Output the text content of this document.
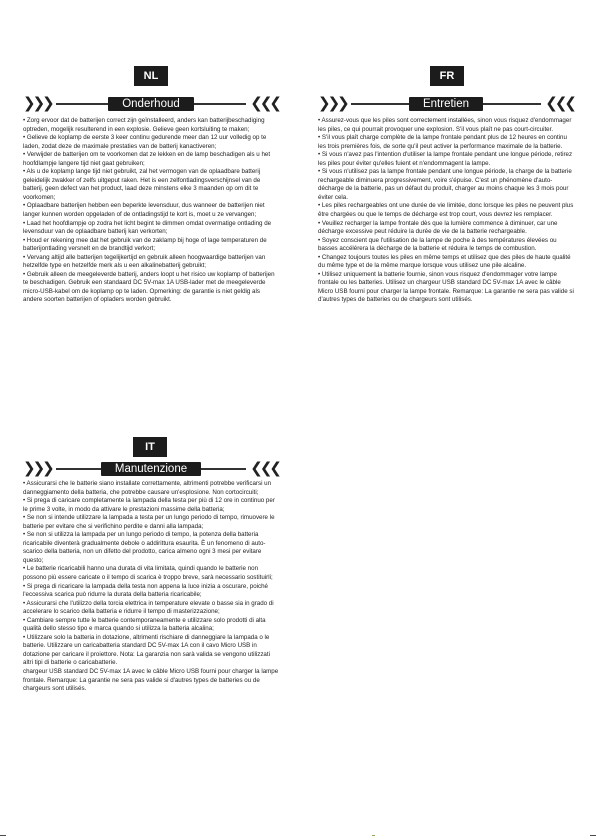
NL
❯❯❯	Onderhoud	❮❮❮

• Zorg ervoor dat de batterijen correct zijn geïnstalleerd, anders kan batterijbeschadiging optreden, mogelijk resulterend in een explosie. Gelieve geen kortsluiting te maken;

• Gelieve de koplamp de eerste 3 keer continu gedurende meer dan 12 uur volledig op te laden, zodat deze de maximale prestaties van de batterij kanactiveren;

• Verwijder de batterijen om te voorkomen dat ze lekken en de lamp beschadigen als u het hoofdlampje langere tijd niet gaat gebruiken;

• Als u de koplamp lange tijd niet gebruikt, zal het vermogen van de oplaadbare batterij geleidelijk zwakker of zelfs uitgeput raken. Het is een zelfontladingsverschijnsel van de batterij, geen defect van het product, laad deze minstens elke 3 maanden op om dit te voorkomen;

• Oplaadbare batterijen hebben een beperkte levensduur, dus wanneer de batterijen niet langer kunnen worden opgeladen of de ontladingstijd te kort is, moet u ze vervangen;

• Laad het hoofdlampje op zodra het licht begint te dimmen omdat overmatige ontlading de levensduur van de oplaadbare batterij kan verkorten;

• Houd er rekening mee dat het gebruik van de zaklamp bij hoge of lage temperaturen de batterijontlading versnelt en de brandtijd verkort;

• Vervang altijd alle batterijen tegelijkertijd en gebruik alleen hoogwaardige batterijen van hetzelfde type en hetzelfde merk als u een alkalinebatterij gebruikt;

• Gebruik alleen de meegeleverde batterij, anders loopt u het risico uw koplamp of batterijen te beschadigen. Gebruik een standaard DC 5V-max 1A USB-lader met de meegeleverde micro-USB-kabel om de koplamp op te laden. Opmerking: de garantie is niet geldig als andere soorten batterijen of opladers worden gebruikt.

FR
❯❯❯	Entretien	❮❮❮

• Assurez-vous que les piles sont correctement installées, sinon vous risquez d'endommager les piles, ce qui pourrait provoquer une explosion. S'il vous plaît ne pas court-circuiter.

• S'il vous plaît charge complète de la lampe frontale pendant plus de 12 heures en continu les trois premières fois, de sorte qu'il peut activer la performance maximale de la batterie.

• Si vous n'avez pas l'intention d'utiliser la lampe frontale pendant une longue période, retirez les piles pour éviter qu'elles fuient et n'endommagent la lampe.

• Si vous n'utilisez pas la lampe frontale pendant une longue période, la charge de la batterie rechargeable diminuera progressivement, voire s'épuise. C'est un phénomène d'auto-décharge de la batterie, pas un défaut du produit, charger au moins chaque les 3 mois pour éviter cela.

• Les piles rechargeables ont une durée de vie limitée, donc lorsque les piles ne peuvent plus être chargées ou que le temps de décharge est trop court, vous devrez les remplacer.

• Veuillez recharger la lampe frontale dès que la lumière commence à diminuer, car une décharge excessive peut réduire la durée de vie de la batterie rechargeable.

• Soyez conscient que l'utilisation de la lampe de poche à des températures élevées ou basses accélérera la décharge de la batterie et réduira le temps de combustion.

• Changez toujours toutes les piles en même temps et utilisez que des piles de haute qualité du même type et de la même marque lorsque vous utilisez une pile alcaline.

• Utilisez uniquement la batterie fournie, sinon vous risquez d'endommager votre lampe frontale ou les batteries. Utilisez un chargeur USB standard DC 5V-max 1A avec le câble Micro USB fourni pour charger la lampe frontale. Remarque: La garantie ne sera pas valide si d'autres types de batteries ou de chargeurs sont utilisés.

IT
❯❯❯	Manutenzione	❮❮❮

• Assicurarsi che le batterie siano installate correttamente, altrimenti potrebbe verificarsi un danneggiamento della batteria, che potrebbe causare un'esplosione. Non cortocircuiti;

• Si prega di caricare completamente la lampada della testa per più di 12 ore in continuo per le prime 3 volte, in modo da attivare le prestazioni massime della batteria;

• Se non si intende utilizzare la lampada a testa per un lungo periodo di tempo, rimuovere le batterie per evitare che si verifichino perdite e danni alla lampada;

• Se non si utilizza la lampada per un lungo periodo di tempo, la potenza della batteria ricaricabile diventerà gradualmente debole o addirittura esaurita. È un fenomeno di auto-scarico della batteria, non un difetto del prodotto, carica almeno ogni 3 mesi per evitare questo;

• Le batterie ricaricabili hanno una durata di vita limitata, quindi quando le batterie non possono più essere caricate o il tempo di scarica è troppo breve, sarà necessario sostituirli;

• Si prega di ricaricare la lampada della testa non appena la luce inizia a oscurare, poiché l'eccessiva scarica può ridurre la durata della batteria ricaricabile;

• Assicurarsi che l'utilizzo della torcia elettrica in temperature elevate o basse sia in grado di accelerare lo scarico della batteria e ridurre il tempo di masterizzazione;

• Cambiare sempre tutte le batterie contemporaneamente e utilizzare solo prodotti di alta qualità dello stesso tipo e marca quando si utilizza la batteria alcalina;

• Utilizzare solo la batteria in dotazione, altrimenti rischiare di danneggiare la lampada o le batterie. Utilizzare un caricabatteria standard DC 5V-max 1A con il cavo Micro USB in dotazione per caricare il proiettore. Nota: La garanzia non sarà valida se vengono utilizzati altri tipi di batterie o caricabatterie.

chargeur USB standard DC 5V-max 1A avec le câble Micro USB fourni pour charger la lampe frontale. Remarque: La garantie ne sera pas valide si d'autres types de batteries ou de chargeurs sont utilisés.
